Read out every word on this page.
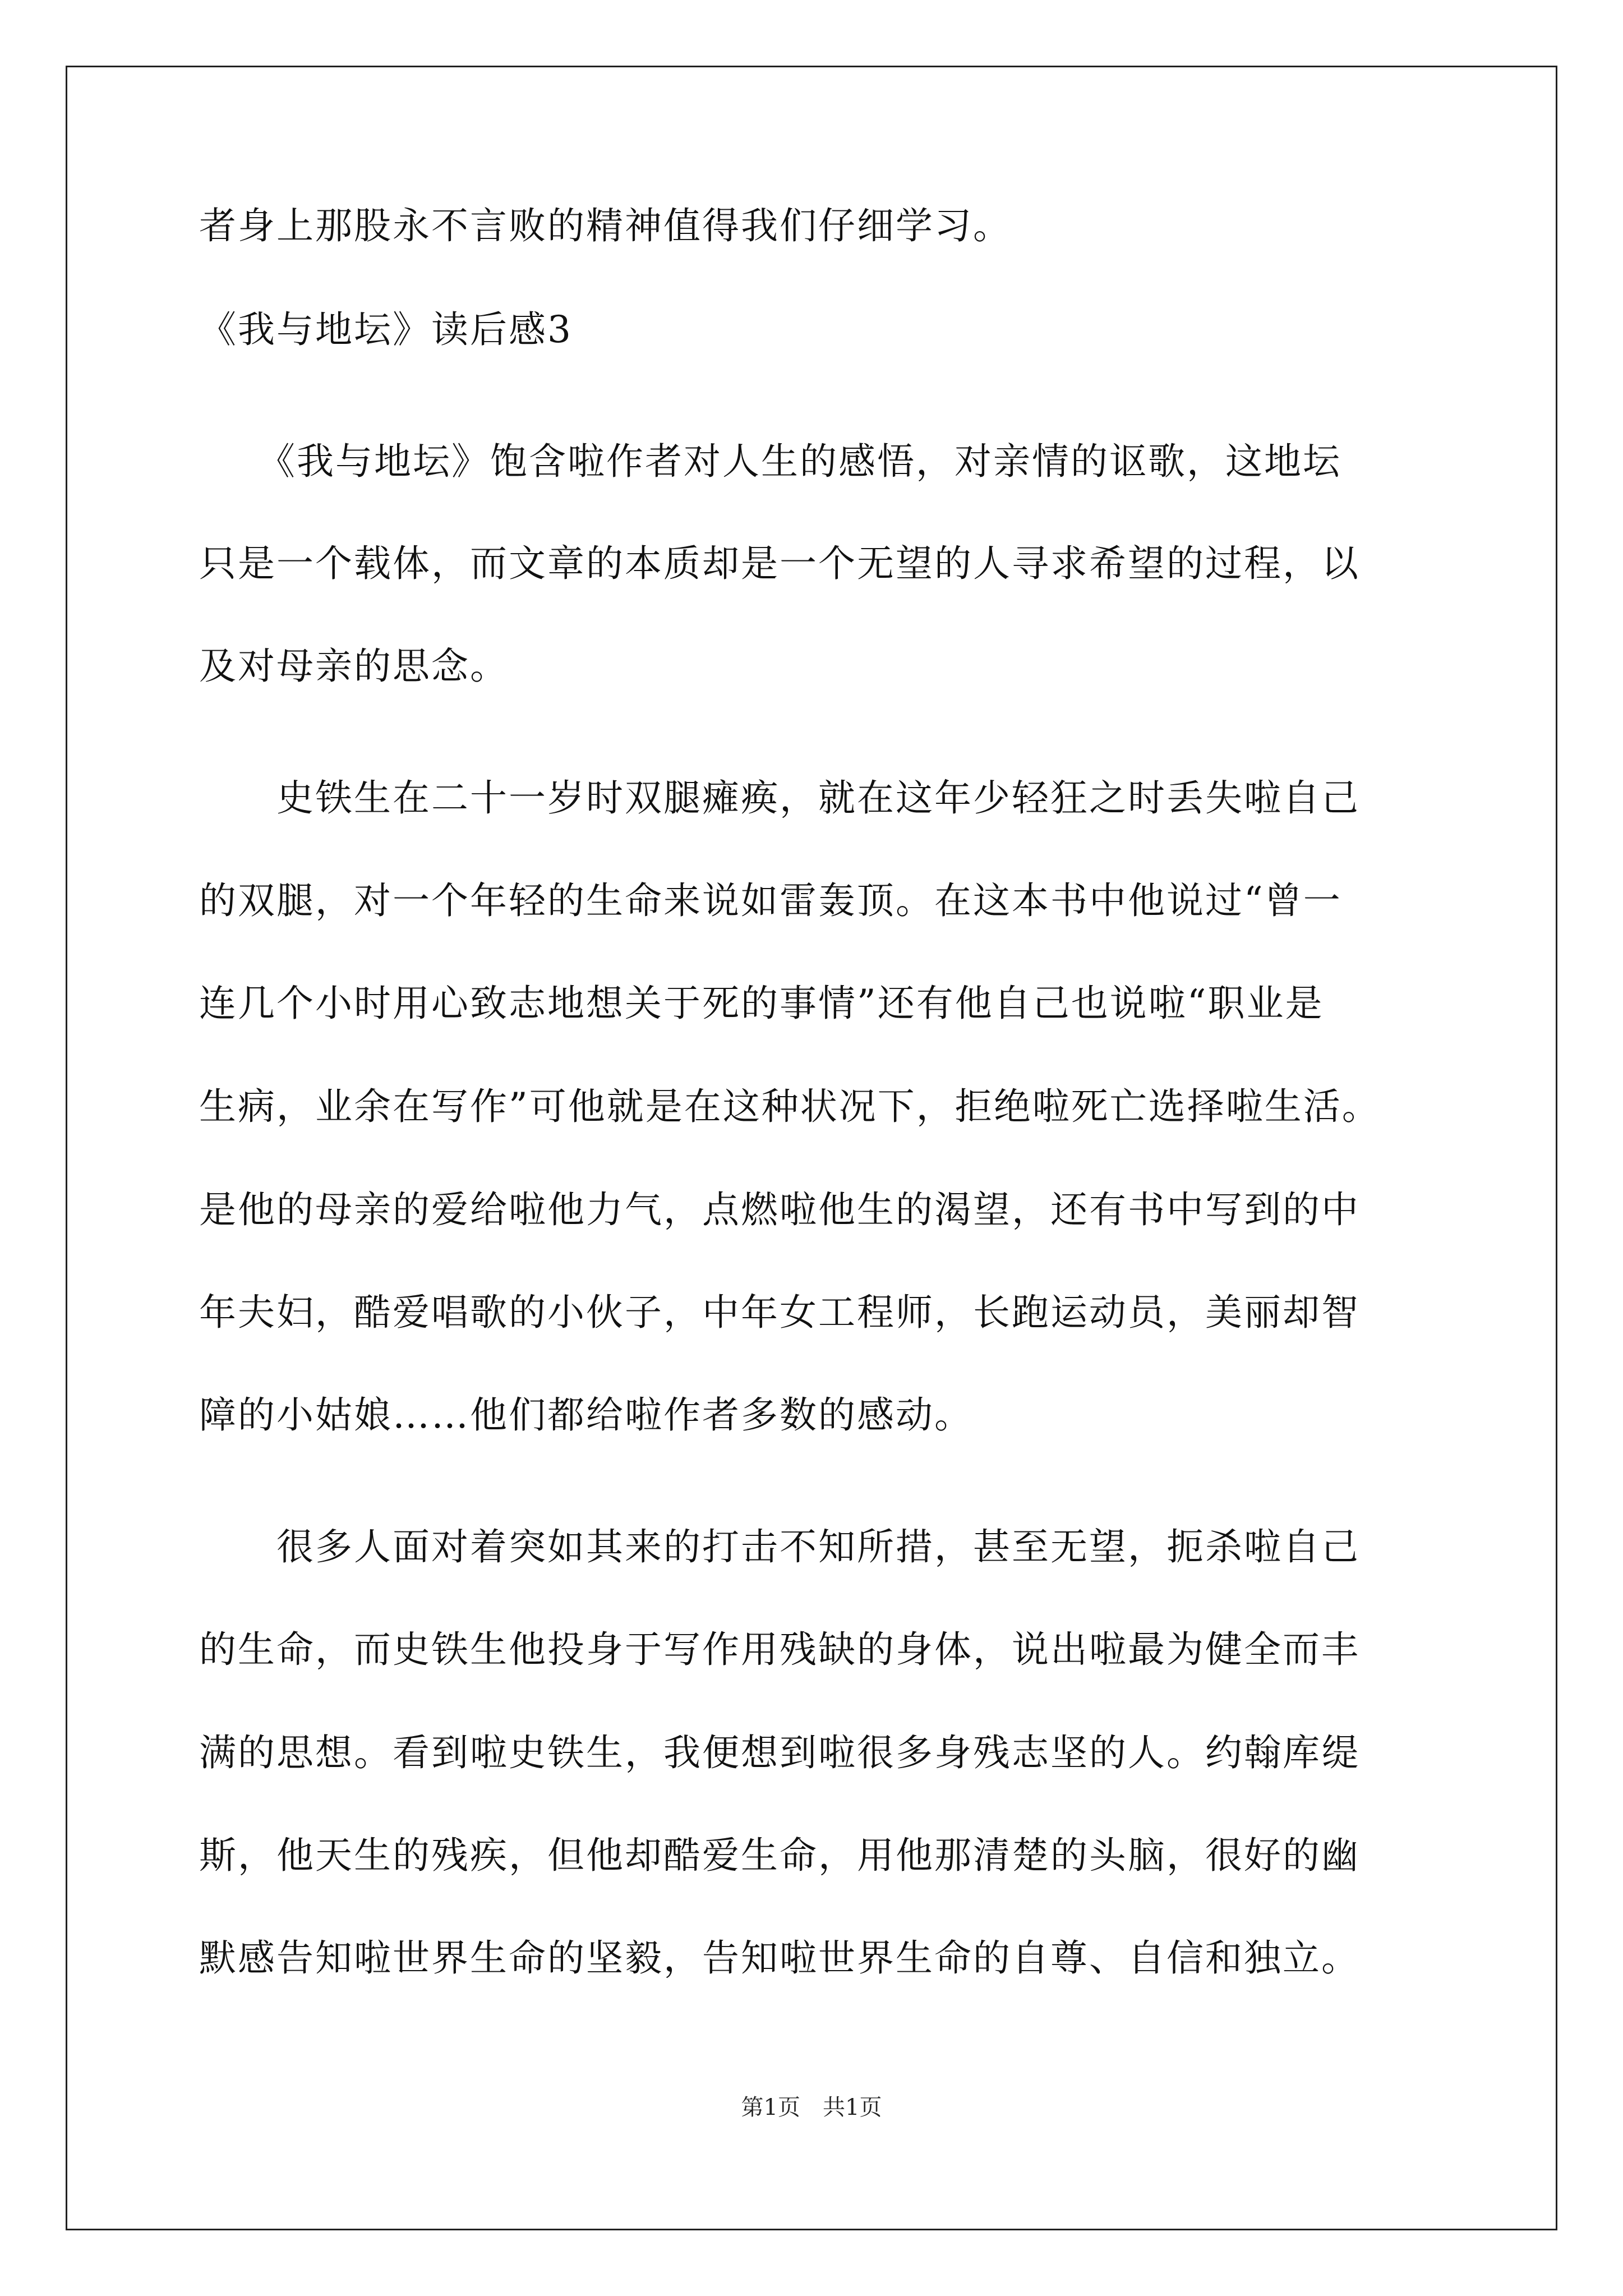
者身上那股永不言败的精神值得我们仔细学习。
《我与地坛》读后感3
　　《我与地坛》饱含啦作者对人生的感悟，对亲情的讴歌，这地坛
只是一个载体，而文章的本质却是一个无望的人寻求希望的过程，以
及对母亲的思念。
　　史铁生在二十一岁时双腿瘫痪，就在这年少轻狂之时丢失啦自己
的双腿，对一个年轻的生命来说如雷轰顶。在这本书中他说过“曾一
连几个小时用心致志地想关于死的事情”还有他自己也说啦“职业是
生病，业余在写作”可他就是在这种状况下，拒绝啦死亡选择啦生活。
是他的母亲的爱给啦他力气，点燃啦他生的渴望，还有书中写到的中
年夫妇，酷爱唱歌的小伙子，中年女工程师，长跑运动员，美丽却智
障的小姑娘……他们都给啦作者多数的感动。
　　很多人面对着突如其来的打击不知所措，甚至无望，扼杀啦自己
的生命，而史铁生他投身于写作用残缺的身体，说出啦最为健全而丰
满的思想。看到啦史铁生，我便想到啦很多身残志坚的人。约翰库缇
斯，他天生的残疾，但他却酷爱生命，用他那清楚的头脑，很好的幽
默感告知啦世界生命的坚毅，告知啦世界生命的自尊、自信和独立。
第1页　共1页
